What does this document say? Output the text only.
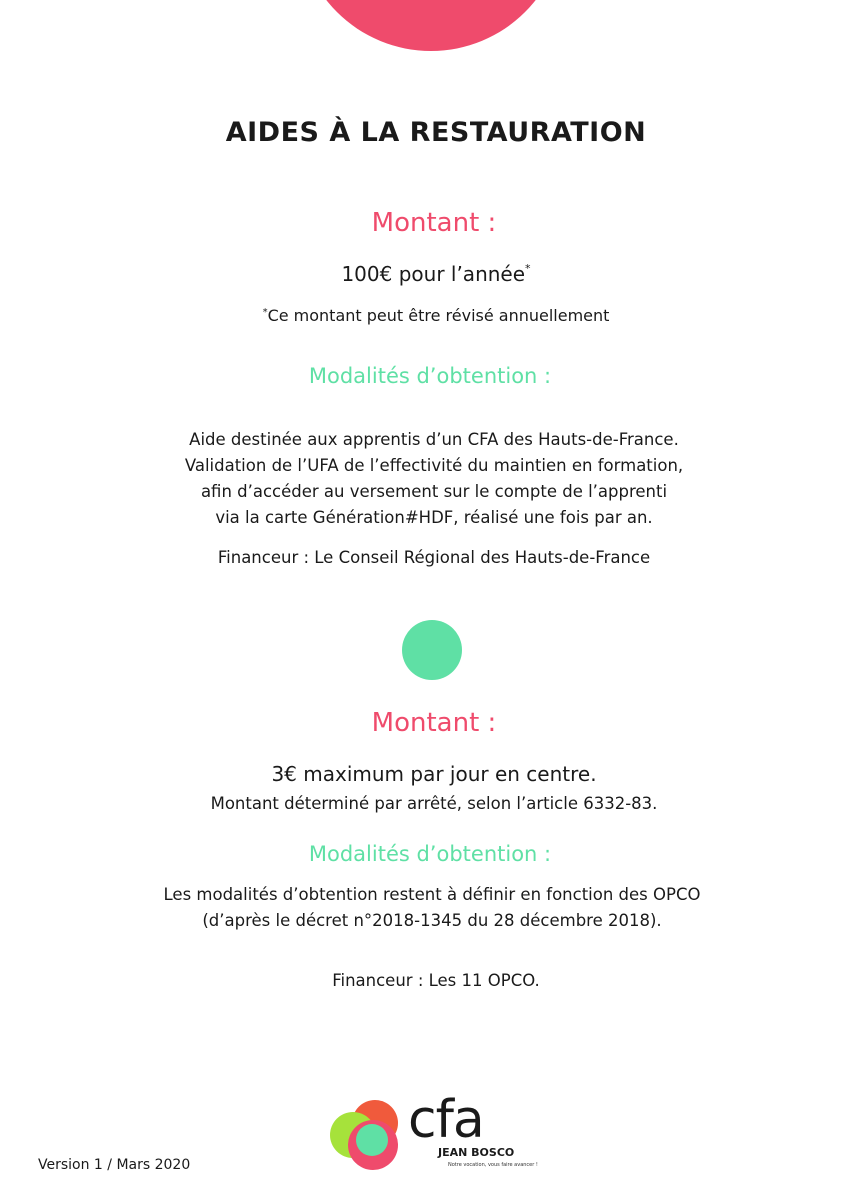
AIDES À LA RESTAURATION
Montant :
100€ pour l’année*
*Ce montant peut être révisé annuellement
Modalités d’obtention :
Aide destinée aux apprentis d’un CFA des Hauts-de-France.
Validation de l’UFA de l’effectivité du maintien en formation,
afin d’accéder au versement sur le compte de l’apprenti
via la carte Génération#HDF, réalisé une fois par an.
Financeur : Le Conseil Régional des Hauts-de-France
Montant :
3€ maximum par jour en centre.
Montant déterminé par arrêté, selon l’article 6332-83.
Modalités d’obtention :
Les modalités d’obtention restent à définir en fonction des OPCO
(d’après le décret n°2018-1345 du 28 décembre 2018).
Financeur : Les 11 OPCO.
cfa
JEAN BOSCO
Notre vocation, vous faire avancer !
Version 1 / Mars 2020
